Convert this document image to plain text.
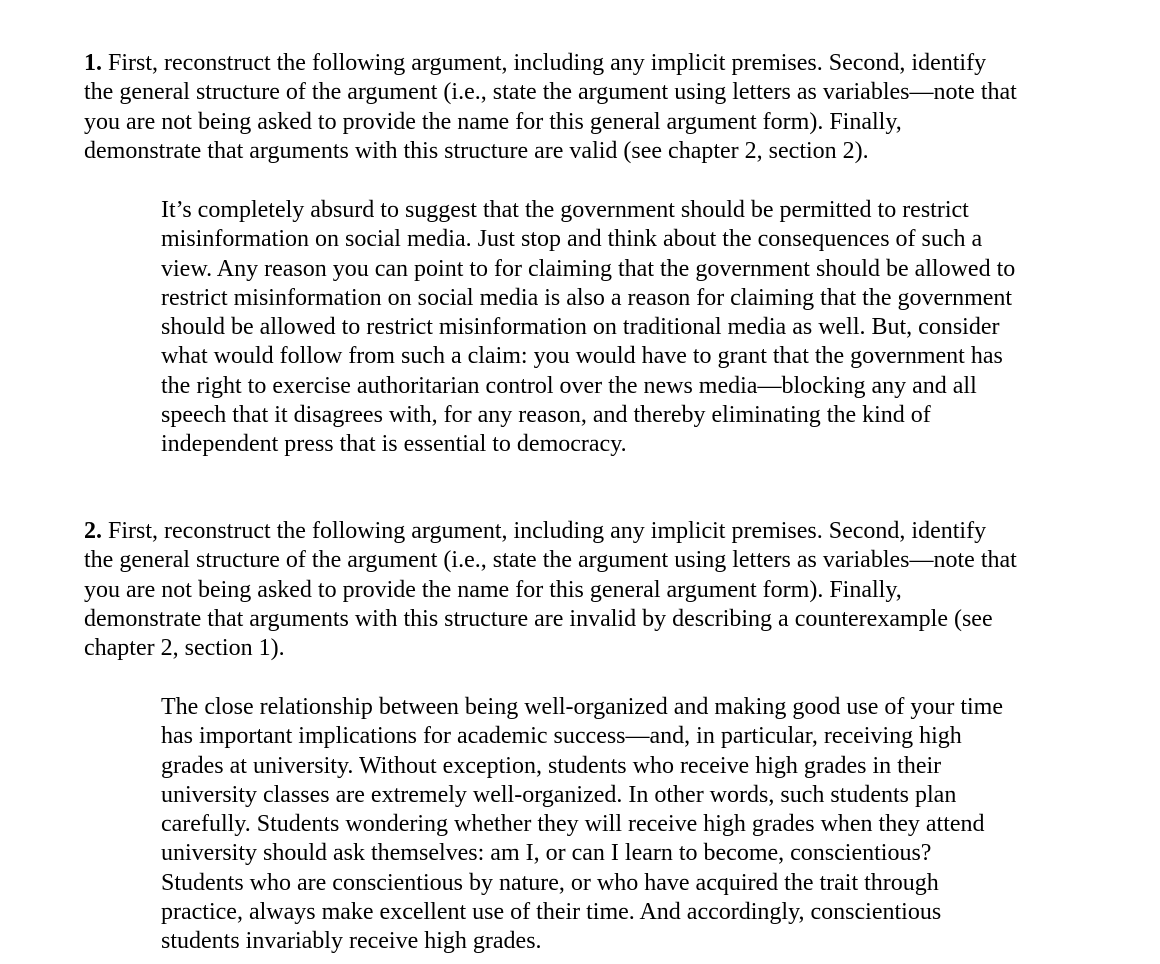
1. First, reconstruct the following argument, including any implicit premises. Second, identify
the general structure of the argument (i.e., state the argument using letters as variables—note that
you are not being asked to provide the name for this general argument form). Finally,
demonstrate that arguments with this structure are valid (see chapter 2, section 2).

It’s completely absurd to suggest that the government should be permitted to restrict
misinformation on social media. Just stop and think about the consequences of such a
view. Any reason you can point to for claiming that the government should be allowed to
restrict misinformation on social media is also a reason for claiming that the government
should be allowed to restrict misinformation on traditional media as well. But, consider
what would follow from such a claim: you would have to grant that the government has
the right to exercise authoritarian control over the news media—blocking any and all
speech that it disagrees with, for any reason, and thereby eliminating the kind of
independent press that is essential to democracy.

2. First, reconstruct the following argument, including any implicit premises. Second, identify
the general structure of the argument (i.e., state the argument using letters as variables—note that
you are not being asked to provide the name for this general argument form). Finally,
demonstrate that arguments with this structure are invalid by describing a counterexample (see
chapter 2, section 1).

The close relationship between being well-organized and making good use of your time
has important implications for academic success—and, in particular, receiving high
grades at university. Without exception, students who receive high grades in their
university classes are extremely well-organized. In other words, such students plan
carefully. Students wondering whether they will receive high grades when they attend
university should ask themselves: am I, or can I learn to become, conscientious?
Students who are conscientious by nature, or who have acquired the trait through
practice, always make excellent use of their time. And accordingly, conscientious
students invariably receive high grades.
